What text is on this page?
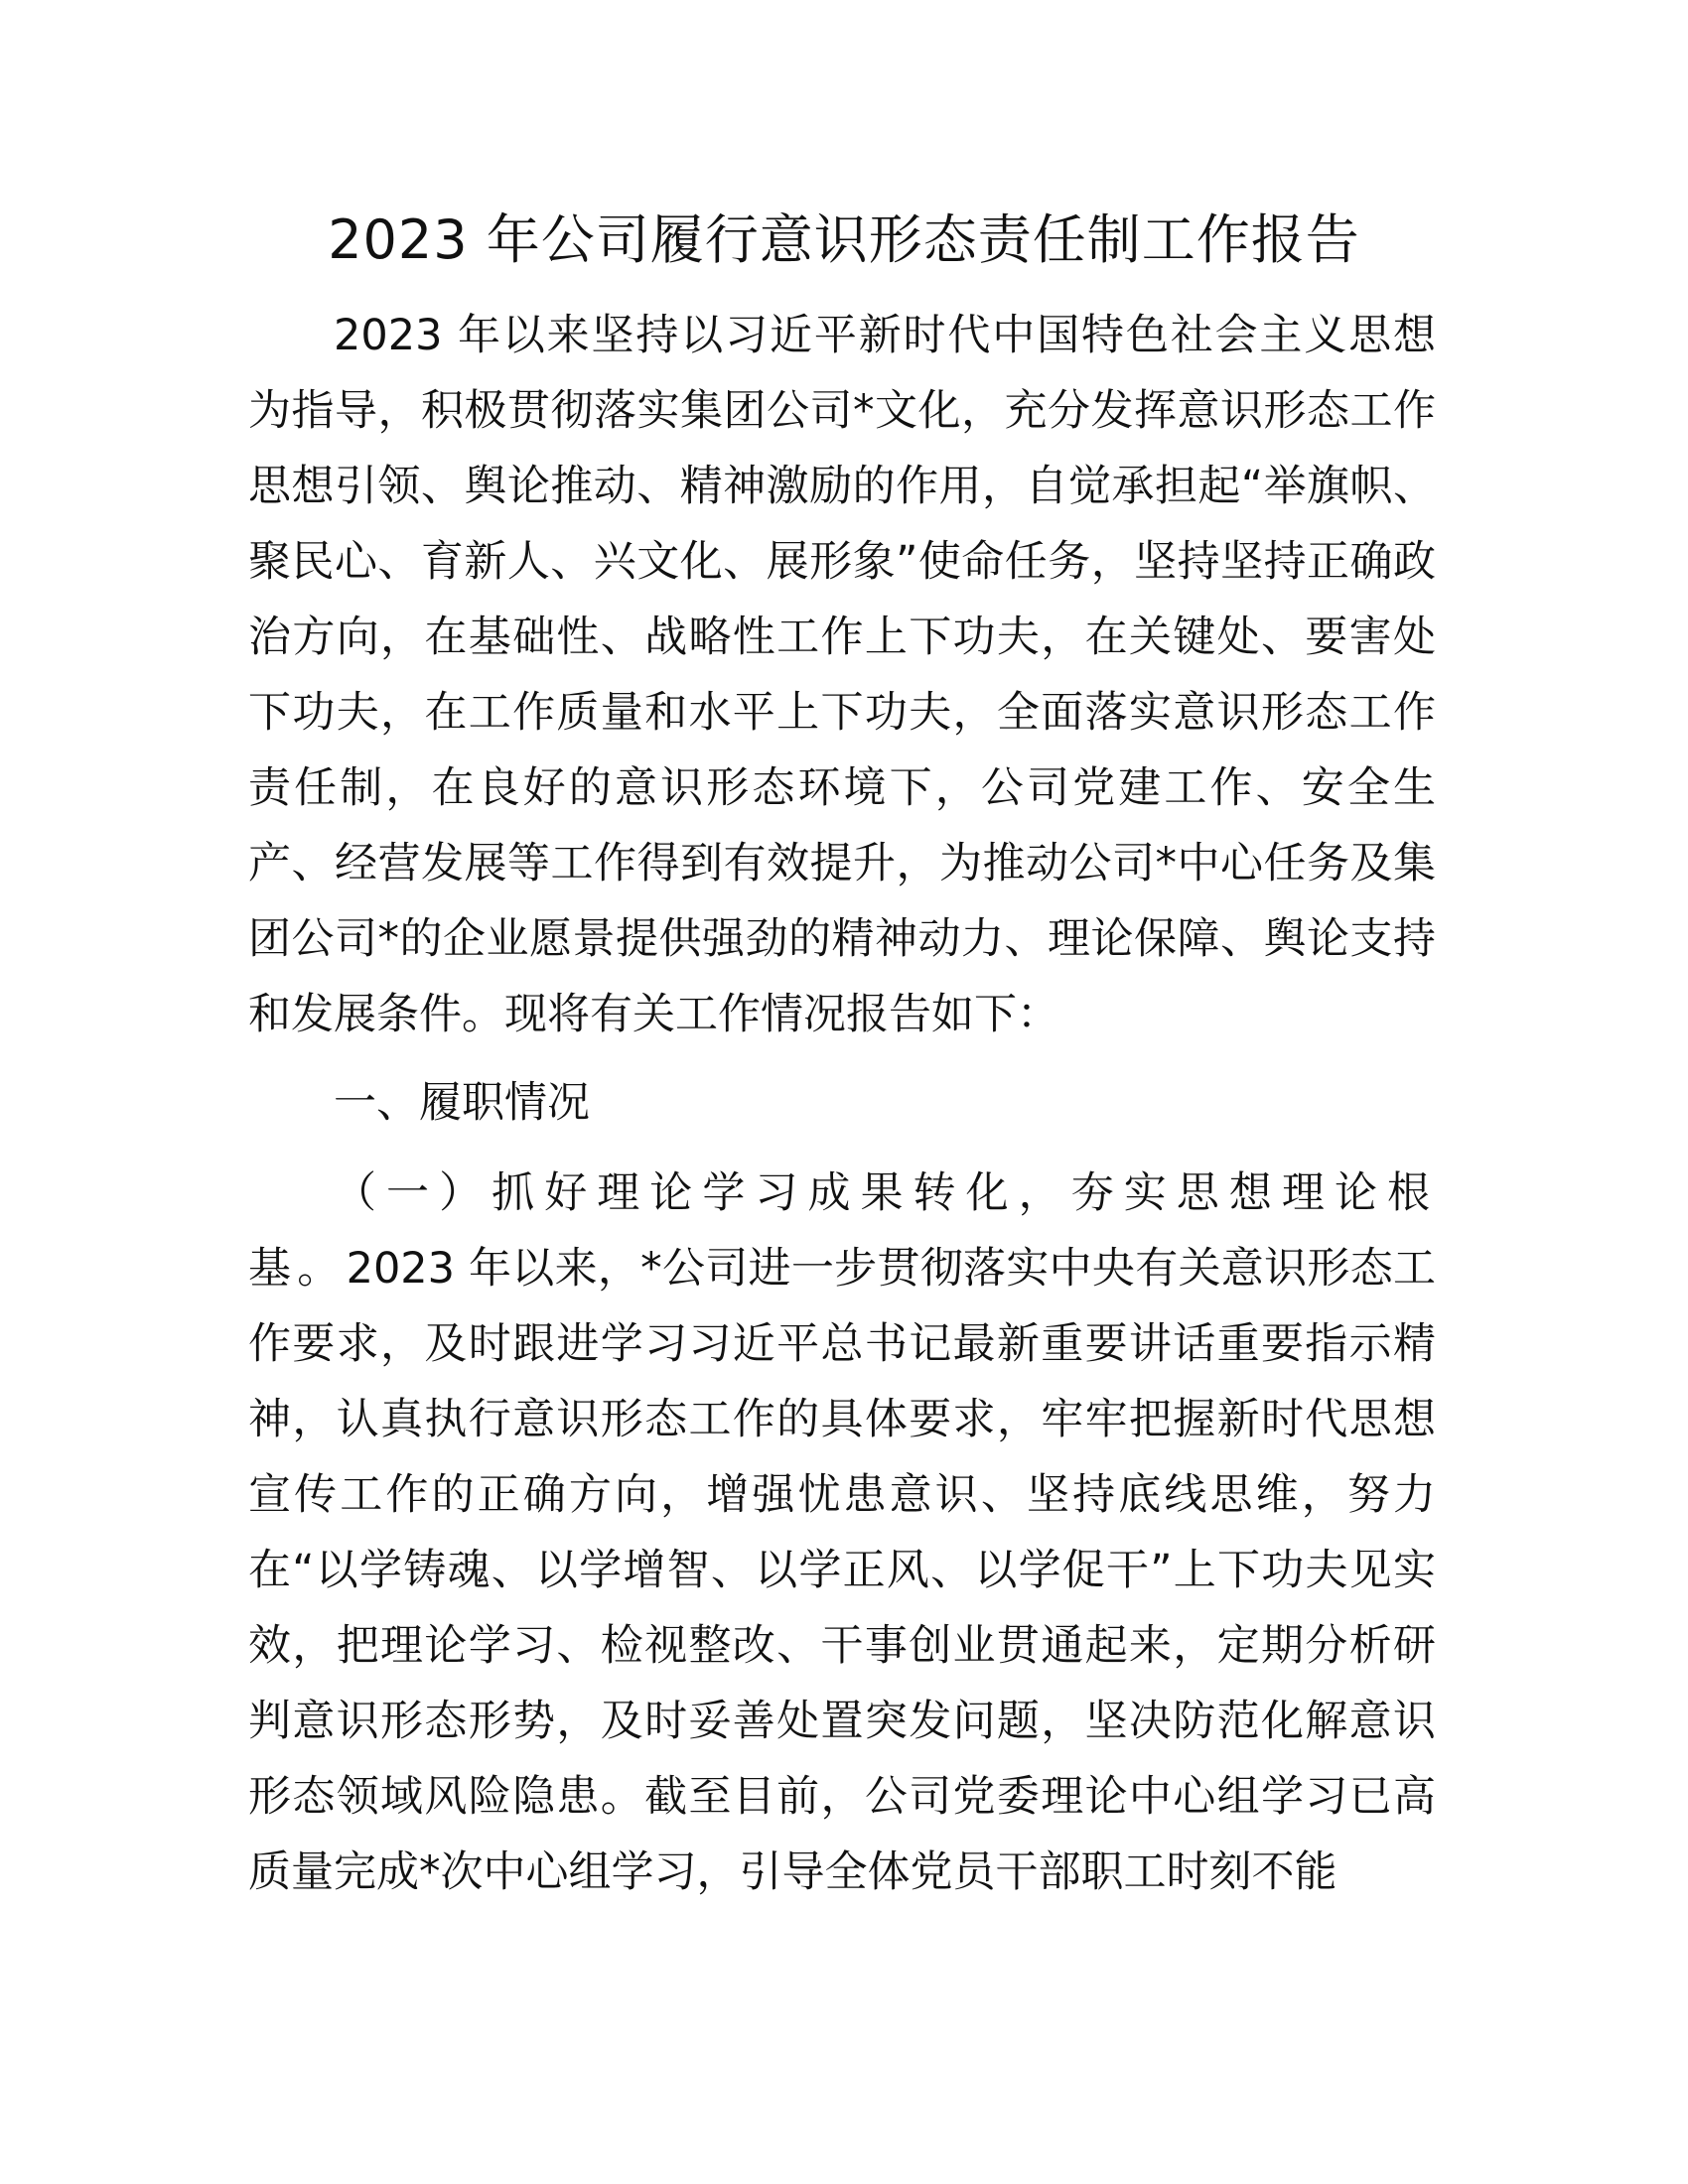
2023 年公司履行意识形态责任制工作报告

2023 年以来坚持以习近平新时代中国特色社会主义思想为指导，积极贯彻落实集团公司*文化，充分发挥意识形态工作思想引领、舆论推动、精神激励的作用，自觉承担起“举旗帜、聚民心、育新人、兴文化、展形象”使命任务，坚持坚持正确政治方向，在基础性、战略性工作上下功夫，在关键处、要害处下功夫，在工作质量和水平上下功夫，全面落实意识形态工作责任制，在良好的意识形态环境下，公司党建工作、安全生产、经营发展等工作得到有效提升，为推动公司*中心任务及集团公司*的企业愿景提供强劲的精神动力、理论保障、舆论支持和发展条件。现将有关工作情况报告如下：

一、履职情况

（一）抓好理论学习成果转化，夯实思想理论根基。2023 年以来，*公司进一步贯彻落实中央有关意识形态工作要求，及时跟进学习习近平总书记最新重要讲话重要指示精神，认真执行意识形态工作的具体要求，牢牢把握新时代思想宣传工作的正确方向，增强忧患意识、坚持底线思维，努力在“以学铸魂、以学增智、以学正风、以学促干”上下功夫见实效，把理论学习、检视整改、干事创业贯通起来，定期分析研判意识形态形势，及时妥善处置突发问题，坚决防范化解意识形态领域风险隐患。截至目前，公司党委理论中心组学习已高质量完成*次中心组学习，引导全体党员干部职工时刻不能
